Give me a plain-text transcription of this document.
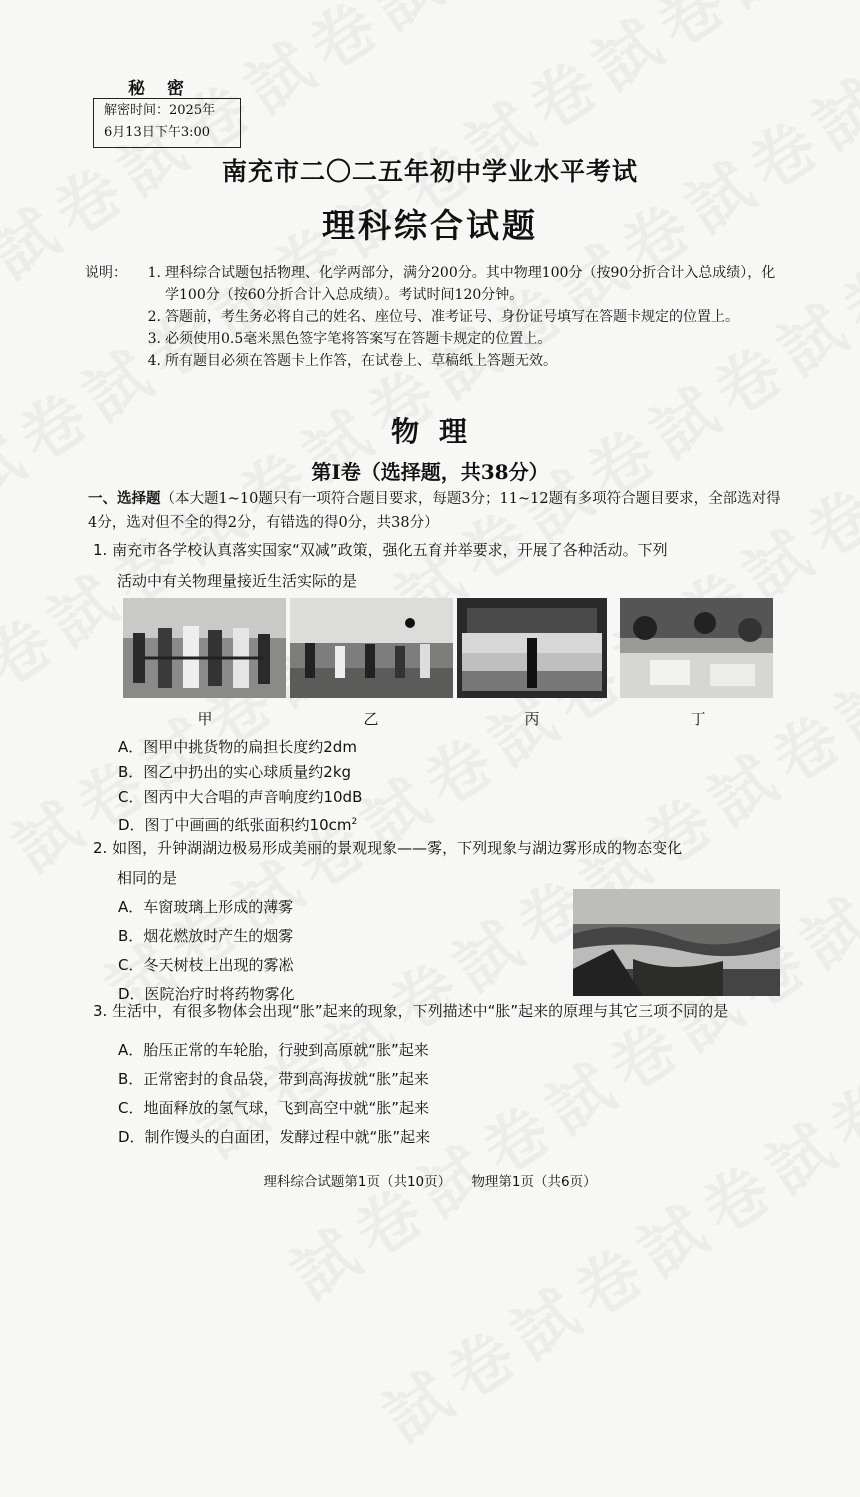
秘密
解密时间：2025年
6月13日下午3:00
南充市二〇二五年初中学业水平考试
理科综合试题
说明：	1. 理科综合试题包括物理、化学两部分，满分200分。其中物理100分（按90分折合计入总成绩），化学100分（按60分折合计入总成绩）。考试时间120分钟。
2. 答题前，考生务必将自己的姓名、座位号、准考证号、身份证号填写在答题卡规定的位置上。
3. 必须使用0.5毫米黑色签字笔将答案写在答题卡规定的位置上。
4. 所有题目必须在答题卡上作答，在试卷上、草稿纸上答题无效。
物理
第Ⅰ卷（选择题，共38分）
一、选择题（本大题1~10题只有一项符合题目要求，每题3分；11~12题有多项符合题目要求，全部选对得4分，选对但不全的得2分，有错选的得0分，共38分）
1. 南充市各学校认真落实国家“双减”政策，强化五育并举要求，开展了各种活动。下列
活动中有关物理量接近生活实际的是
甲	乙	丙	丁
A．图甲中挑货物的扁担长度约2dm
B．图乙中扔出的实心球质量约2kg
C．图丙中大合唱的声音响度约10dB
D．图丁中画画的纸张面积约$10cm^2$
2. 如图，升钟湖湖边极易形成美丽的景观现象——雾，下列现象与湖边雾形成的物态变化
相同的是
A．车窗玻璃上形成的薄雾
B．烟花燃放时产生的烟雾
C．冬天树枝上出现的雾凇
D．医院治疗时将药物雾化
3. 生活中，有很多物体会出现“胀”起来的现象，下列描述中“胀”起来的原理与其它三项不同 · ·的是
A．胎压正常的车轮胎，行驶到高原就“胀”起来
B．正常密封的食品袋，带到高海拔就“胀”起来
C．地面释放的氢气球，飞到高空中就“胀”起来
D．制作馒头的白面团，发酵过程中就“胀”起来
理科综合试题第1页（共10页） 物理第1页（共6页）
